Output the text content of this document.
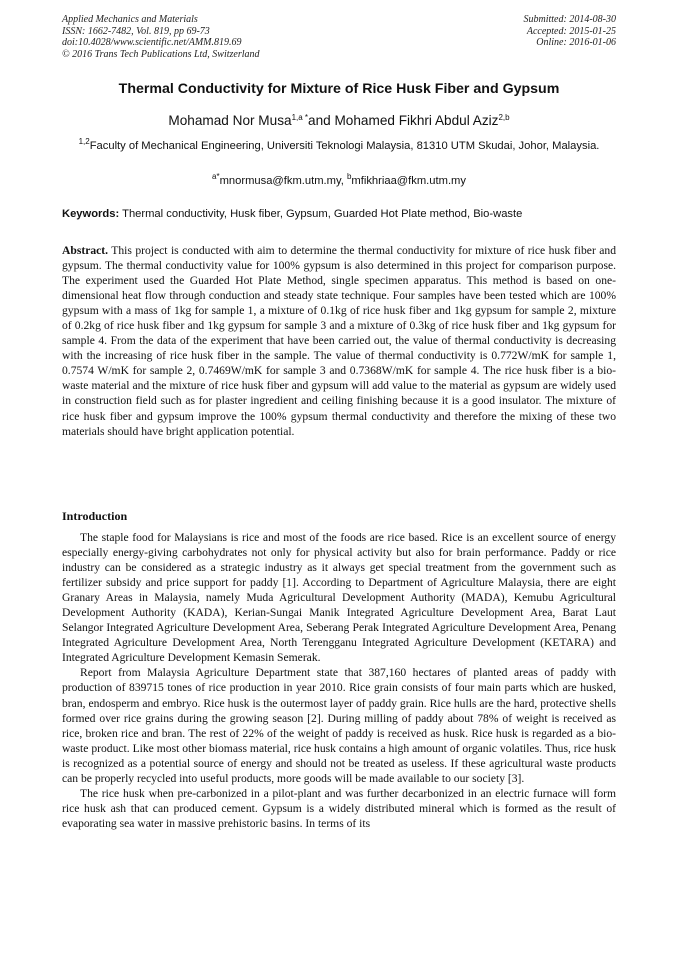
Applied Mechanics and Materials
ISSN: 1662-7482, Vol. 819, pp 69-73
doi:10.4028/www.scientific.net/AMM.819.69
© 2016 Trans Tech Publications Ltd, Switzerland
Submitted: 2014-08-30
Accepted: 2015-01-25
Online: 2016-01-06
Thermal Conductivity for Mixture of Rice Husk Fiber and Gypsum
Mohamad Nor Musa$^{1,a *}$and Mohamed Fikhri Abdul Aziz$^{2,b}$
$^{1,2}$Faculty of Mechanical Engineering, Universiti Teknologi Malaysia, 81310 UTM Skudai, Johor, Malaysia.
$^{a*}$mnormusa@fkm.utm.my, $^b$mfikhriaa@fkm.utm.my
Keywords: Thermal conductivity, Husk fiber, Gypsum, Guarded Hot Plate method, Bio-waste

Abstract. This project is conducted with aim to determine the thermal conductivity for mixture of rice husk fiber and gypsum. The thermal conductivity value for 100% gypsum is also determined in this project for comparison purpose. The experiment used the Guarded Hot Plate Method, single specimen apparatus. This method is based on one-dimensional heat flow through conduction and steady state technique. Four samples have been tested which are 100% gypsum with a mass of 1kg for sample 1, a mixture of 0.1kg of rice husk fiber and 1kg gypsum for sample 2, mixture of 0.2kg of rice husk fiber and 1kg gypsum for sample 3 and a mixture of 0.3kg of rice husk fiber and 1kg gypsum for sample 4. From the data of the experiment that have been carried out, the value of thermal conductivity is decreasing with the increasing of rice husk fiber in the sample. The value of thermal conductivity is 0.772W/mK for sample 1, 0.7574 W/mK for sample 2, 0.7469W/mK for sample 3 and 0.7368W/mK for sample 4. The rice husk fiber is a bio-waste material and the mixture of rice husk fiber and gypsum will add value to the material as gypsum are widely used in construction field such as for plaster ingredient and ceiling finishing because it is a good insulator. The mixture of rice husk fiber and gypsum improve the 100% gypsum thermal conductivity and therefore the mixing of these two materials should have bright application potential.

Introduction

The staple food for Malaysians is rice and most of the foods are rice based. Rice is an excellent source of energy especially energy-giving carbohydrates not only for physical activity but also for brain performance. Paddy or rice industry can be considered as a strategic industry as it always get special treatment from the government such as fertilizer subsidy and price support for paddy [1]. According to Department of Agriculture Malaysia, there are eight Granary Areas in Malaysia, namely Muda Agricultural Development Authority (MADA), Kemubu Agricultural Development Authority (KADA), Kerian-Sungai Manik Integrated Agriculture Development Area, Barat Laut Selangor Integrated Agriculture Development Area, Seberang Perak Integrated Agriculture Development Area, Penang Integrated Agriculture Development Area, North Terengganu Integrated Agriculture Development (KETARA) and Integrated Agriculture Development Kemasin Semerak.

Report from Malaysia Agriculture Department state that 387,160 hectares of planted areas of paddy with production of 839715 tones of rice production in year 2010. Rice grain consists of four main parts which are husked, bran, endosperm and embryo. Rice husk is the outermost layer of paddy grain. Rice hulls are the hard, protective shells formed over rice grains during the growing season [2]. During milling of paddy about 78% of weight is received as rice, broken rice and bran. The rest of 22% of the weight of paddy is received as husk. Rice husk is regarded as a bio-waste product. Like most other biomass material, rice husk contains a high amount of organic volatiles. Thus, rice husk is recognized as a potential source of energy and should not be treated as useless. If these agricultural waste products can be properly recycled into useful products, more goods will be made available to our society [3].

The rice husk when pre-carbonized in a pilot-plant and was further decarbonized in an electric furnace will form rice husk ash that can produced cement. Gypsum is a widely distributed mineral which is formed as the result of evaporating sea water in massive prehistoric basins. In terms of its
